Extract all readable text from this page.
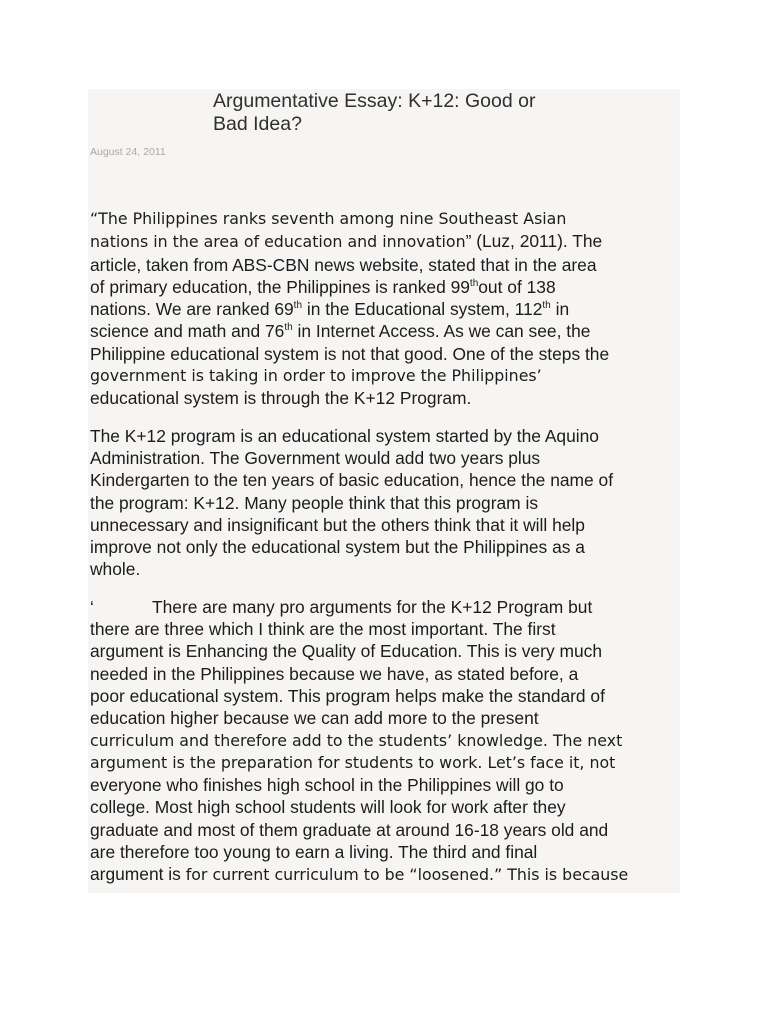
Argumentative Essay: K+12: Good or
Bad Idea?
August 24, 2011
“The Philippines ranks seventh among nine Southeast Asian
nations in the area of education and innovation” (Luz, 2011). The
article, taken from ABS-CBN news website, stated that in the area
of primary education, the Philippines is ranked 99thout of 138
nations. We are ranked 69th in the Educational system, 112th in
science and math and 76th in Internet Access. As we can see, the
Philippine educational system is not that good. One of the steps the
government is taking in order to improve the Philippines’
educational system is through the K+12 Program.
The K+12 program is an educational system started by the Aquino
Administration. The Government would add two years plus
Kindergarten to the ten years of basic education, hence the name of
the program: K+12. Many people think that this program is
unnecessary and insignificant but the others think that it will help
improve not only the educational system but the Philippines as a
whole.
‘	There are many pro arguments for the K+12 Program but
there are three which I think are the most important. The first
argument is Enhancing the Quality of Education. This is very much
needed in the Philippines because we have, as stated before, a
poor educational system. This program helps make the standard of
education higher because we can add more to the present
curriculum and therefore add to the students’ knowledge. The next
argument is the preparation for students to work. Let’s face it, not
everyone who finishes high school in the Philippines will go to
college. Most high school students will look for work after they
graduate and most of them graduate at around 16-18 years old and
are therefore too young to earn a living. The third and final
argument is for current curriculum to be “loosened.” This is because
